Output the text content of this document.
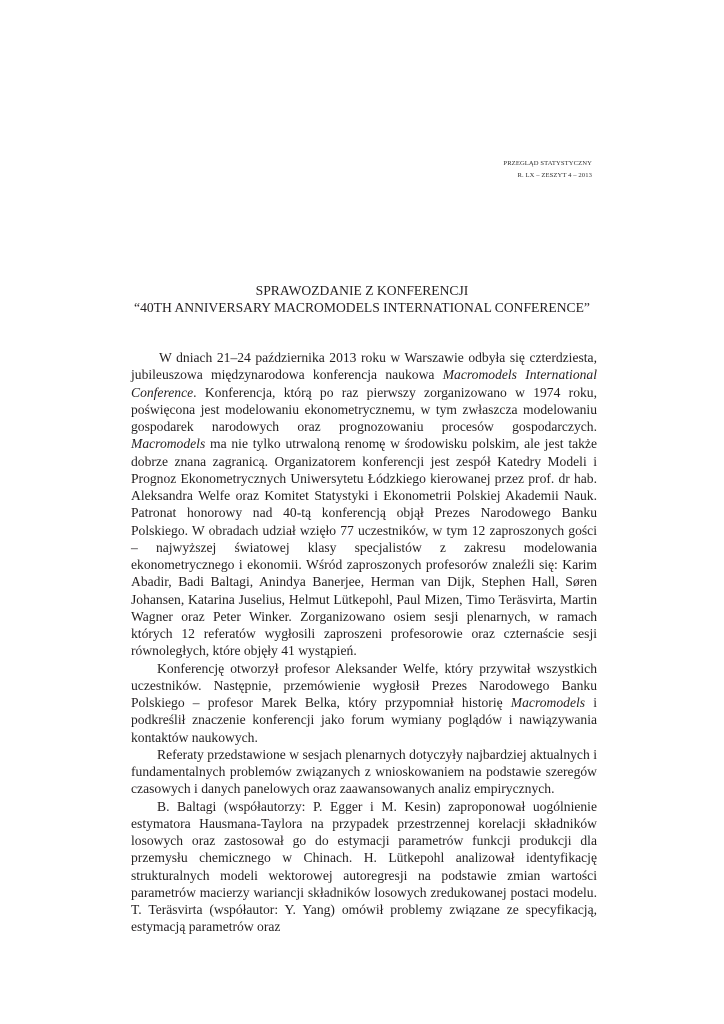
PRZEGLĄD STATYSTYCZNY
R. LX – ZESZYT 4 – 2013
SPRAWOZDANIE Z KONFERENCJI
“40TH ANNIVERSARY MACROMODELS INTERNATIONAL CONFERENCE”

W dniach 21–24 października 2013 roku w Warszawie odbyła się czterdziesta, jubileuszowa międzynarodowa konferencja naukowa Macromodels International Conference. Konferencja, którą po raz pierwszy zorganizowano w 1974 roku, poświęcona jest modelowaniu ekonometrycznemu, w tym zwłaszcza modelowaniu gospodarek narodowych oraz prognozowaniu procesów gospodarczych. Macromodels ma nie tylko utrwaloną renomę w środowisku polskim, ale jest także dobrze znana zagranicą. Organizatorem konferencji jest zespół Katedry Modeli i Prognoz Ekonometrycznych Uniwersytetu Łódzkiego kierowanej przez prof. dr hab. Aleksandra Welfe oraz Komitet Statystyki i Ekonometrii Polskiej Akademii Nauk. Patronat honorowy nad 40-tą konferencją objął Prezes Narodowego Banku Polskiego. W obradach udział wzięło 77 uczestników, w tym 12 zaproszonych gości – najwyższej światowej klasy specjalistów z zakresu modelowania ekonometrycznego i ekonomii. Wśród zaproszonych profesorów znaleźli się: Karim Abadir, Badi Baltagi, Anindya Banerjee, Herman van Dijk, Stephen Hall, Søren Johansen, Katarina Juselius, Helmut Lütkepohl, Paul Mizen, Timo Teräsvirta, Martin Wagner oraz Peter Winker. Zorganizowano osiem sesji plenarnych, w ramach których 12 referatów wygłosili zaproszeni profesorowie oraz czternaście sesji równoległych, które objęły 41 wystąpień.

Konferencję otworzył profesor Aleksander Welfe, który przywitał wszystkich uczestników. Następnie, przemówienie wygłosił Prezes Narodowego Banku Polskiego – profesor Marek Belka, który przypomniał historię Macromodels i podkreślił znaczenie konferencji jako forum wymiany poglądów i nawiązywania kontaktów naukowych.

Referaty przedstawione w sesjach plenarnych dotyczyły najbardziej aktualnych i fundamentalnych problemów związanych z wnioskowaniem na podstawie szeregów czasowych i danych panelowych oraz zaawansowanych analiz empirycznych.

B. Baltagi (współautorzy: P. Egger i M. Kesin) zaproponował uogólnienie estymatora Hausmana-Taylora na przypadek przestrzennej korelacji składników losowych oraz zastosował go do estymacji parametrów funkcji produkcji dla przemysłu chemicznego w Chinach. H. Lütkepohl analizował identyfikację strukturalnych modeli wektorowej autoregresji na podstawie zmian wartości parametrów macierzy wariancji składników losowych zredukowanej postaci modelu. T. Teräsvirta (współautor: Y. Yang) omówił problemy związane ze specyfikacją, estymacją parametrów oraz
